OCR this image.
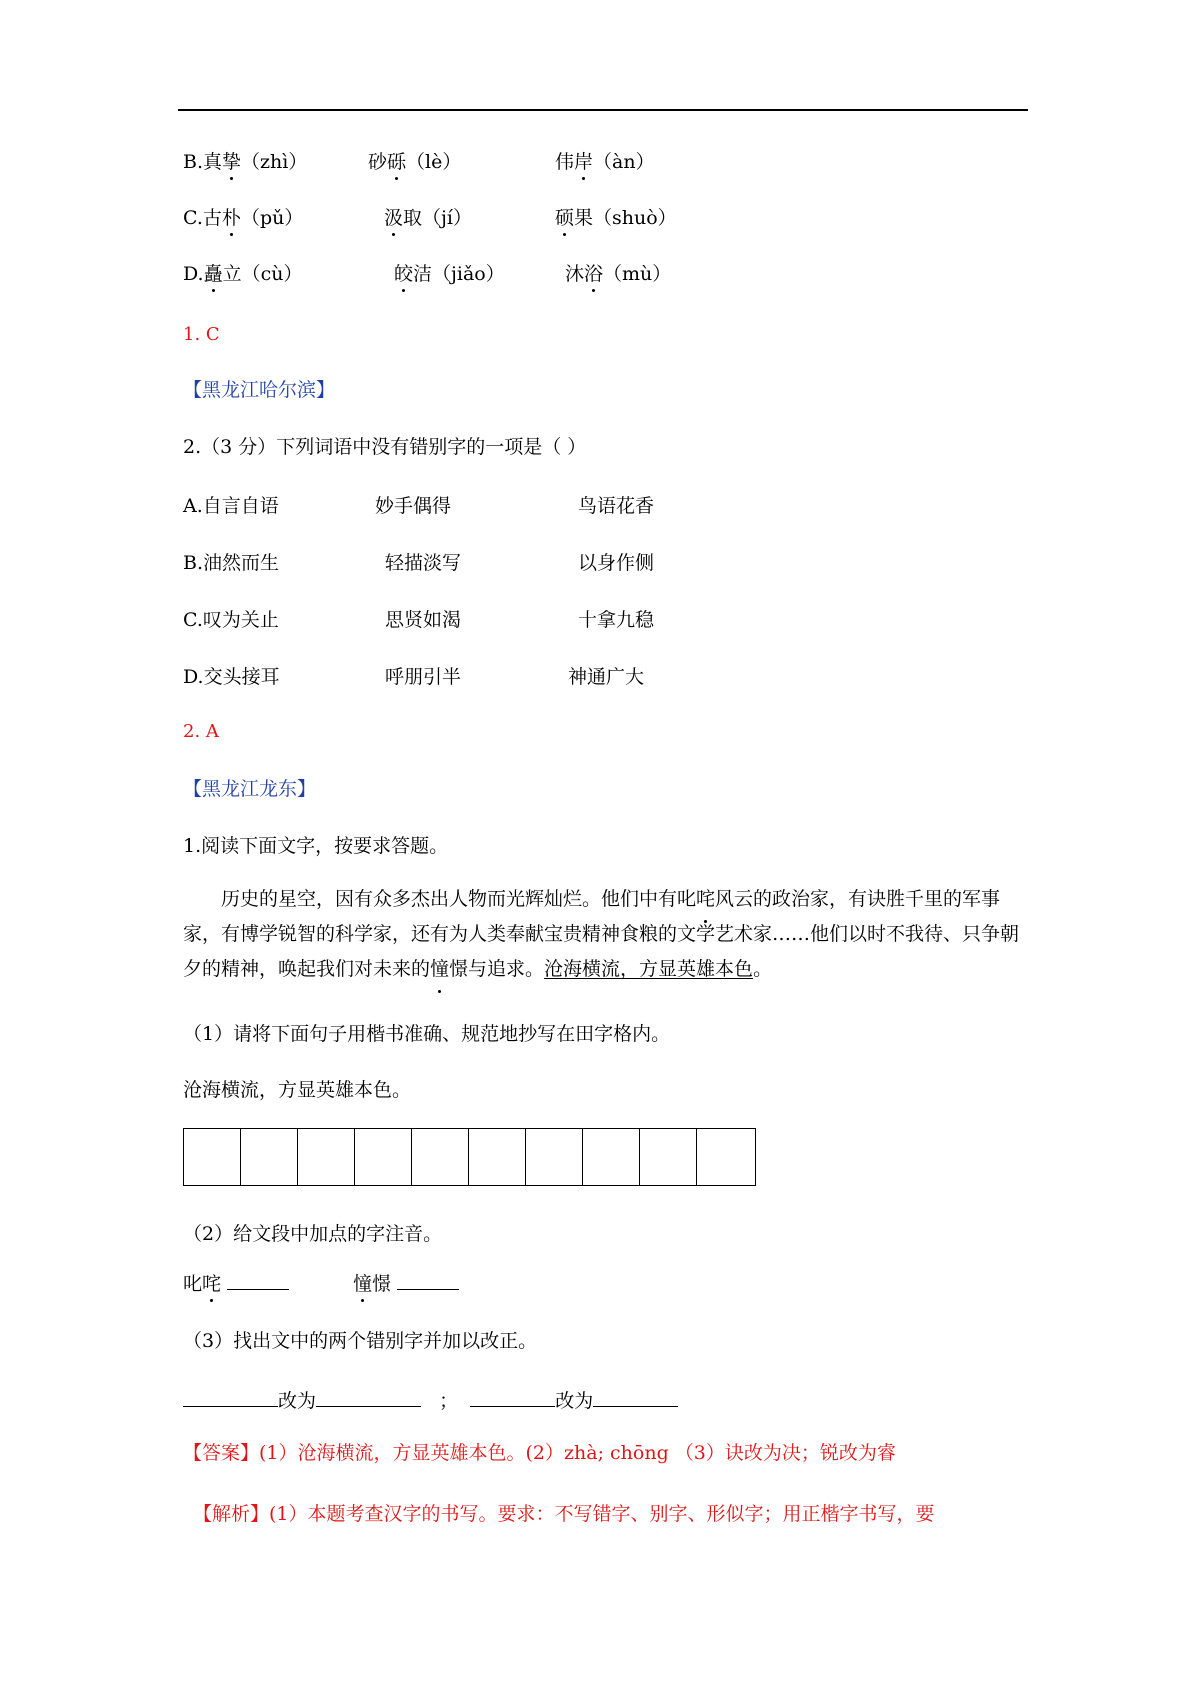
B.真挚（zhì）	砂砾（lè）	伟岸（àn）
C.古朴（pǔ）	汲取（jí）	硕果（shuò）
D.矗立（cù）	皎洁（jiǎo）	沐浴（mù）
1. C
【黑龙江哈尔滨】
2.（3 分）下列词语中没有错别字的一项是（ ）
A.自言自语	妙手偶得	鸟语花香
B.油然而生	轻描淡写	以身作侧
C.叹为关止	思贤如渴	十拿九稳
D.交头接耳	呼朋引半	神通广大
2. A
【黑龙江龙东】
1.阅读下面文字，按要求答题。
历史的星空，因有众多杰出人物而光辉灿烂。他们中有叱咤风云的政治家，有诀胜千里的军事家，有博学锐智的科学家，还有为人类奉献宝贵精神食粮的文学艺术家……他们以时不我待、只争朝夕的精神，唤起我们对未来的憧憬与追求。沧海横流，方显英雄本色。
（1）请将下面句子用楷书准确、规范地抄写在田字格内。
沧海横流，方显英雄本色。
（2）给文段中加点的字注音。
叱咤	憧憬
（3）找出文中的两个错别字并加以改正。
改为	；	改为
【答案】(1）沧海横流，方显英雄本色。(2）zhà; chōng （3）诀改为决；锐改为睿
【解析】(1）本题考查汉字的书写。要求：不写错字、别字、形似字；用正楷字书写，要
